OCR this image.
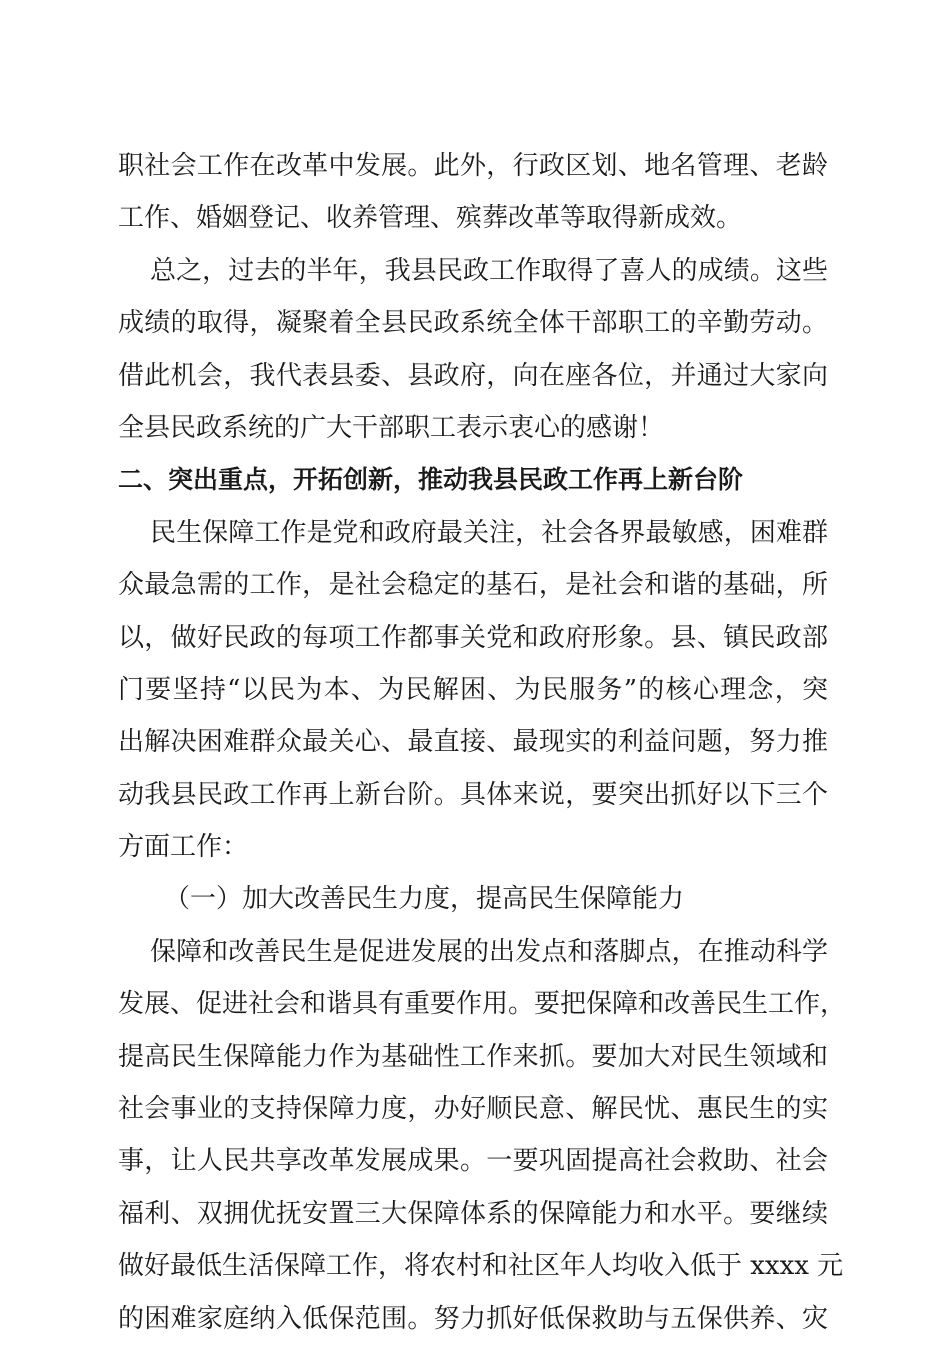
职社会工作在改革中发展。此外，行政区划、地名管理、老龄
工作、婚姻登记、收养管理、殡葬改革等取得新成效。
总之，过去的半年，我县民政工作取得了喜人的成绩。这些
成绩的取得，凝聚着全县民政系统全体干部职工的辛勤劳动。
借此机会，我代表县委、县政府，向在座各位，并通过大家向
全县民政系统的广大干部职工表示衷心的感谢！
二、突出重点，开拓创新，推动我县民政工作再上新台阶
民生保障工作是党和政府最关注，社会各界最敏感，困难群
众最急需的工作，是社会稳定的基石，是社会和谐的基础，所
以，做好民政的每项工作都事关党和政府形象。县、镇民政部
门要坚持“以民为本、为民解困、为民服务”的核心理念，突
出解决困难群众最关心、最直接、最现实的利益问题，努力推
动我县民政工作再上新台阶。具体来说，要突出抓好以下三个
方面工作：
（一）加大改善民生力度，提高民生保障能力
保障和改善民生是促进发展的出发点和落脚点，在推动科学
发展、促进社会和谐具有重要作用。要把保障和改善民生工作，
提高民生保障能力作为基础性工作来抓。要加大对民生领域和
社会事业的支持保障力度，办好顺民意、解民忧、惠民生的实
事，让人民共享改革发展成果。一要巩固提高社会救助、社会
福利、双拥优抚安置三大保障体系的保障能力和水平。要继续
做好最低生活保障工作，将农村和社区年人均收入低于 xxxx 元
的困难家庭纳入低保范围。努力抓好低保救助与五保供养、灾
